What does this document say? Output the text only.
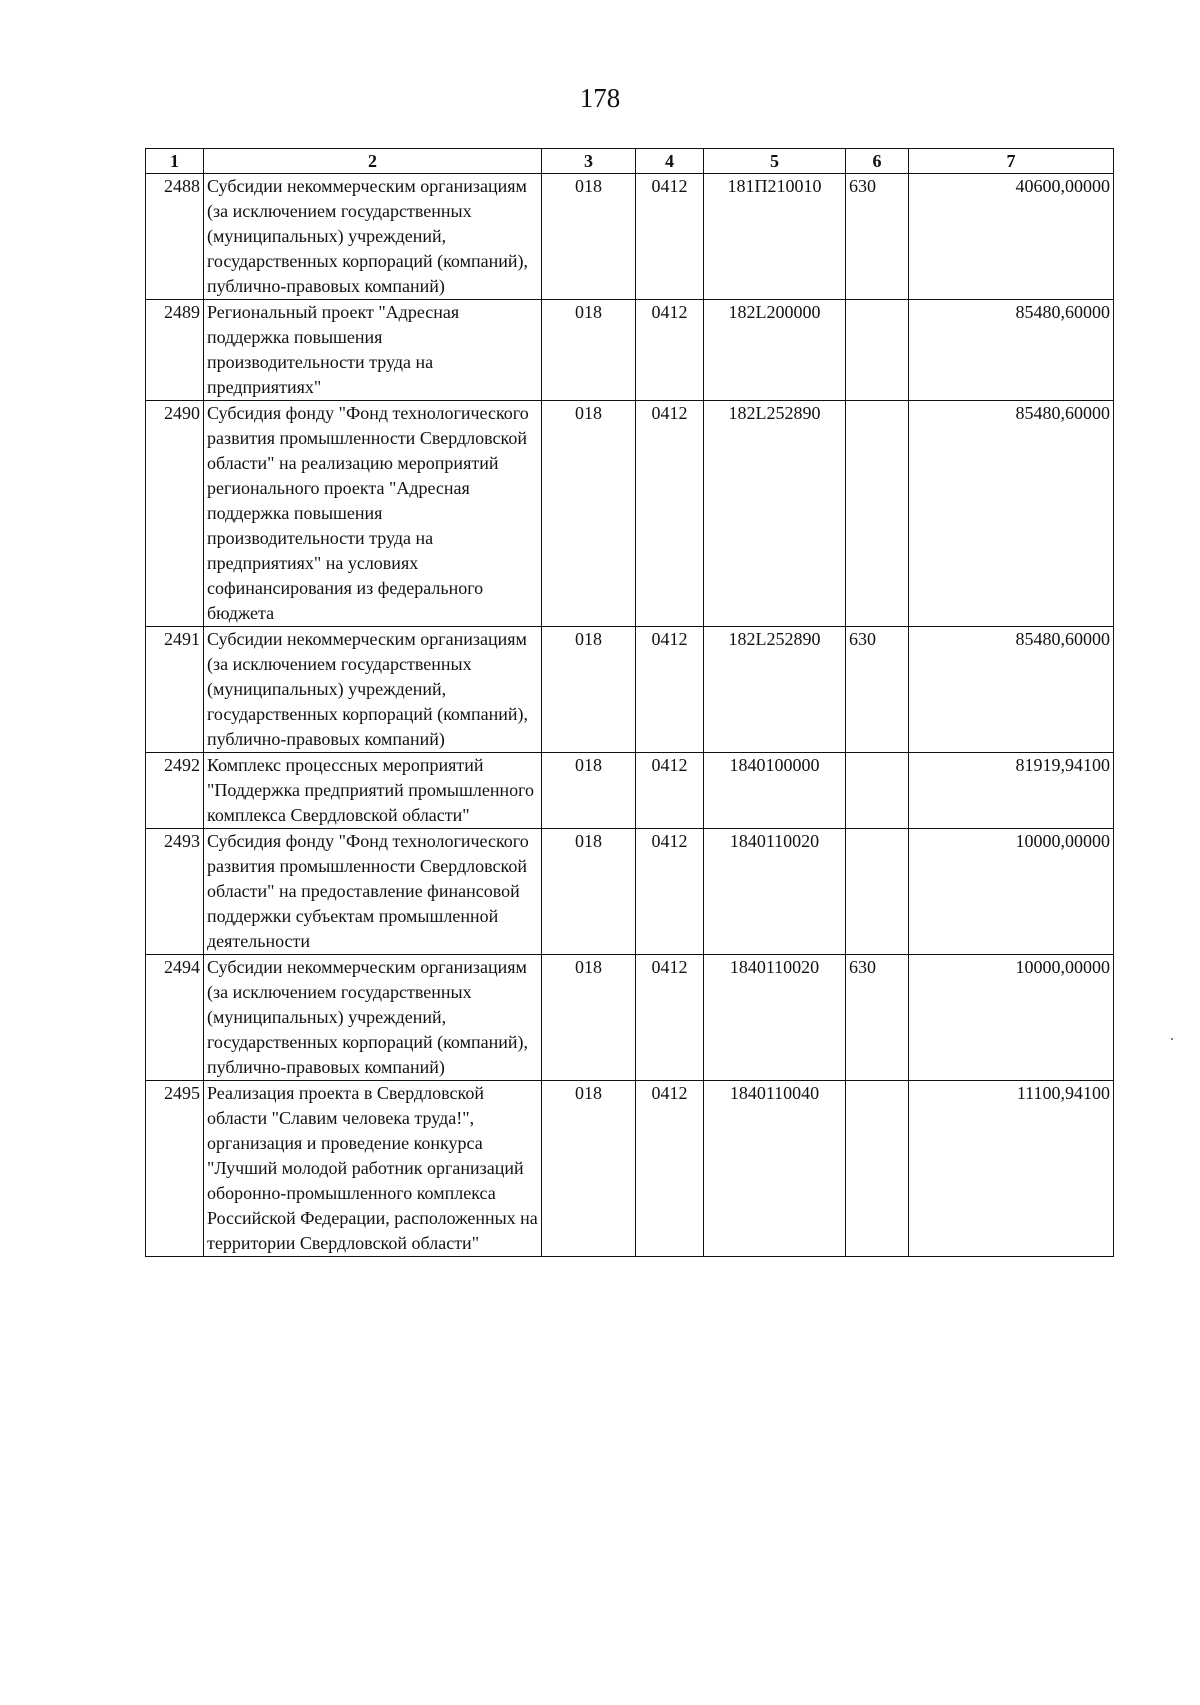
178
1	2	3	4	5	6	7
2488	Субсидии некоммерческим организациям (за исключением государственных (муниципальных) учреждений, государственных корпораций (компаний), публично-правовых компаний)	018	0412	181П210010	630	40600,00000
2489	Региональный проект "Адресная поддержка повышения производительности труда на предприятиях"	018	0412	182L200000		85480,60000
2490	Субсидия фонду "Фонд технологического развития промышленности Свердловской области" на реализацию мероприятий регионального проекта "Адресная поддержка повышения производительности труда на предприятиях" на условиях софинансирования из федерального бюджета	018	0412	182L252890		85480,60000
2491	Субсидии некоммерческим организациям (за исключением государственных (муниципальных) учреждений, государственных корпораций (компаний), публично-правовых компаний)	018	0412	182L252890	630	85480,60000
2492	Комплекс процессных мероприятий "Поддержка предприятий промышленного комплекса Свердловской области"	018	0412	1840100000		81919,94100
2493	Субсидия фонду "Фонд технологического развития промышленности Свердловской области" на предоставление финансовой поддержки субъектам промышленной деятельности	018	0412	1840110020		10000,00000
2494	Субсидии некоммерческим организациям (за исключением государственных (муниципальных) учреждений, государственных корпораций (компаний), публично-правовых компаний)	018	0412	1840110020	630	10000,00000
2495	Реализация проекта в Свердловской области "Славим человека труда!", организация и проведение конкурса "Лучший молодой работник организаций оборонно-промышленного комплекса Российской Федерации, расположенных на территории Свердловской области"	018	0412	1840110040		11100,94100
